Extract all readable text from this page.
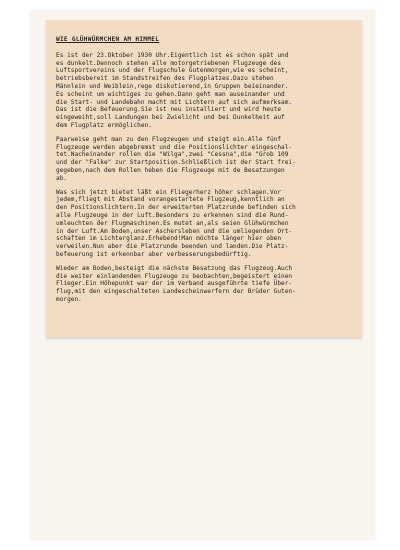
WIE GLÜHWÜRMCHEN AM HIMMEL
Es ist der 23.Oktober 1930 Uhr.Eigentlich ist es schon spät und
es dunkelt.Dennoch stehen alle motorgetriebenen Flugzeuge des
Luftsportvereins und der Flugschule Gutenmorgen,wie es scheint,
betriebsbereit im Standstreifen des Flugplatzes.Dazu stehen
Männlein und Weiblein,rege diskutierend,in Gruppen beieinander.
Es scheint um wichtiges zu gehen.Dann geht man auseinander und
die Start- und Landebahn macht mit Lichtern auf sich aufmerksam.
Das ist die Befeuerung.Sie ist neu installiert und wird heute
eingeweiht,soll Landungen bei Zwielicht und bei Dunkelheit auf
dem Flugplatz ermöglichen.
Paarweise geht man zu den Flugzeugen und steigt ein.Alle fünf
Flugzeuge werden abgebremst und die Positionslichter eingeschal-
tet.Nacheinander rollen die "Wilga",zwei "Cessna",die "Grob 109
und der "Falke" zur Startposition.Schließlich ist der Start frei-
gegeben,nach dem Rollen heben die Flugzeuge mit de Besatzungen
ab.
Was sich jetzt bietet läßt ein Fliegerherz höher schlagen.Vor
jedem,fliegt mit Abstand vorangestartete Flugzeug,kenntlich an
den Positionslichtern.In der erweiterten Platzrunde befinden sich
alle Flugzeuge in der Luft.Besonders zu erkennen sind die Rund-
umleuchten der Flugmaschinen.Es mutet an,als seien Glühwürmchen
in der Luft.Am Boden,unser Aschersleben und die umliegenden Ort-
schaften im Lichterglanz.Erhebend!Man möchte länger hier oben
verweilen.Nun aber die Platzrunde beenden und landen.Die Platz-
befeuerung ist erkennbar aber verbesserungsbedürftig.
Wieder am Boden,besteigt die nächste Besatzung das Flugzeug.Auch
die weiter einlandenden Flugzeuge zu beobachten,begeistert einen
Flieger.Ein Höhepunkt war der im Verband ausgeführte tiefe Über-
flug,mit den eingeschalteten Landescheinwerfern der Brüder Guten-
morgen.
